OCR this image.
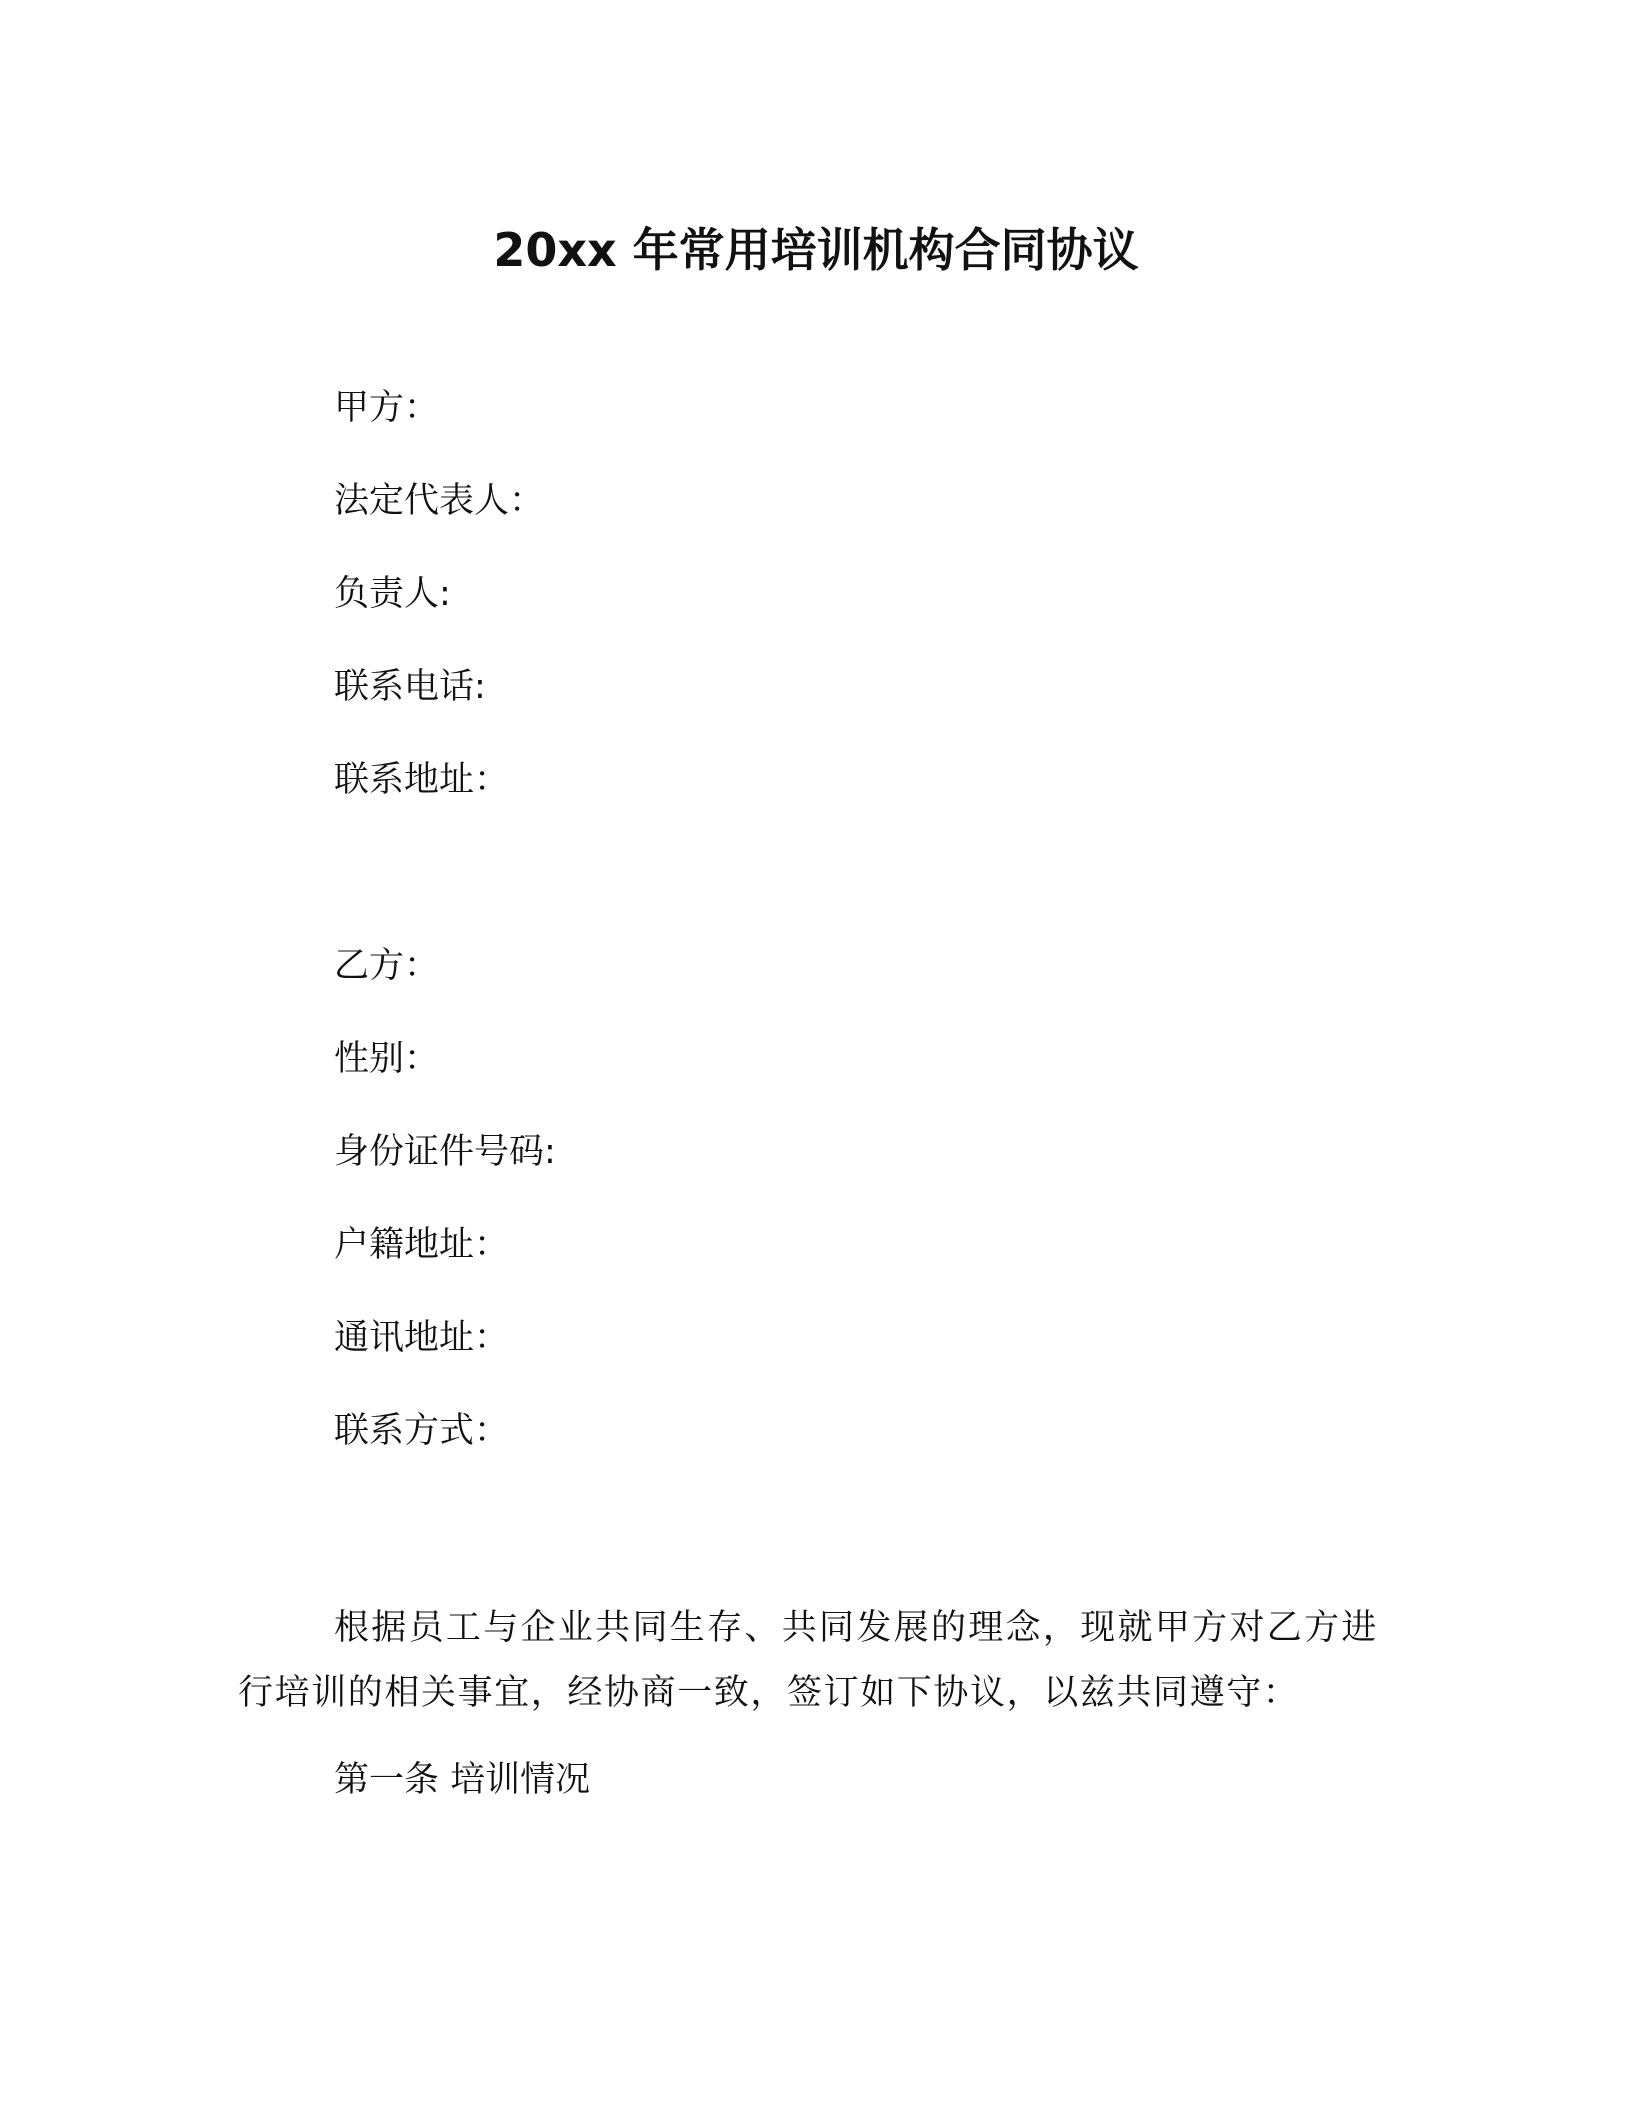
20xx 年常用培训机构合同协议
甲方：
法定代表人：
负责人:
联系电话:
联系地址：
乙方：
性别：
身份证件号码:
户籍地址：
通讯地址：
联系方式：
根据员工与企业共同生存、共同发展的理念，现就甲方对乙方进行培训的相关事宜，经协商一致，签订如下协议，以兹共同遵守：
第一条 培训情况
